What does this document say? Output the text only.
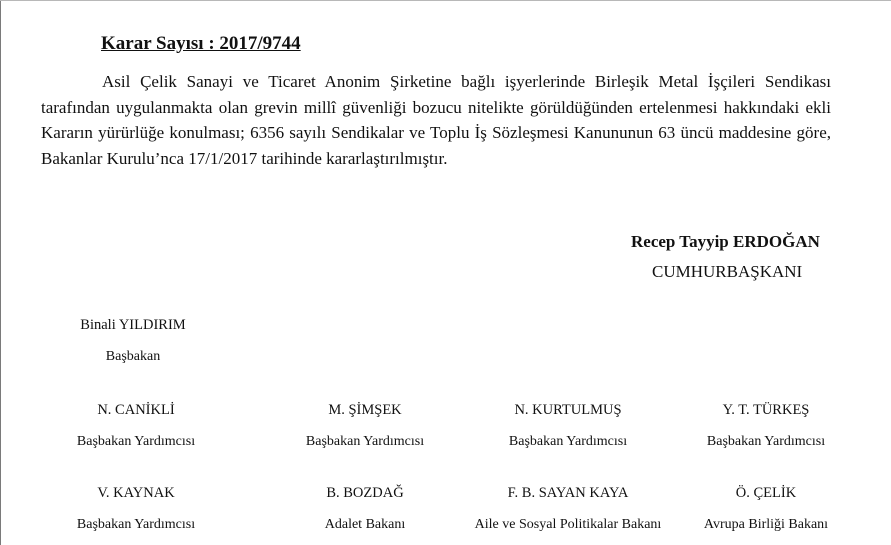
Karar Sayısı : 2017/9744

Asil Çelik Sanayi ve Ticaret Anonim Şirketine bağlı işyerlerinde Birleşik Metal İşçileri Sendikası tarafından uygulanmakta olan grevin millî güvenliği bozucu nitelikte görüldüğünden ertelenmesi hakkındaki ekli Kararın yürürlüğe konulması; 6356 sayılı Sendikalar ve Toplu İş Sözleşmesi Kanununun 63 üncü maddesine göre, Bakanlar Kurulu’nca 17/1/2017 tarihinde kararlaştırılmıştır.

Recep Tayyip ERDOĞAN
CUMHURBAŞKANI
Binali YILDIRIM
Başbakan
N. CANİKLİ
Başbakan Yardımcısı
M. ŞİMŞEK
Başbakan Yardımcısı
N. KURTULMUŞ
Başbakan Yardımcısı
Y. T. TÜRKEŞ
Başbakan Yardımcısı
V. KAYNAK
Başbakan Yardımcısı
B. BOZDAĞ
Adalet Bakanı
F. B. SAYAN KAYA
Aile ve Sosyal Politikalar Bakanı
Ö. ÇELİK
Avrupa Birliği Bakanı
